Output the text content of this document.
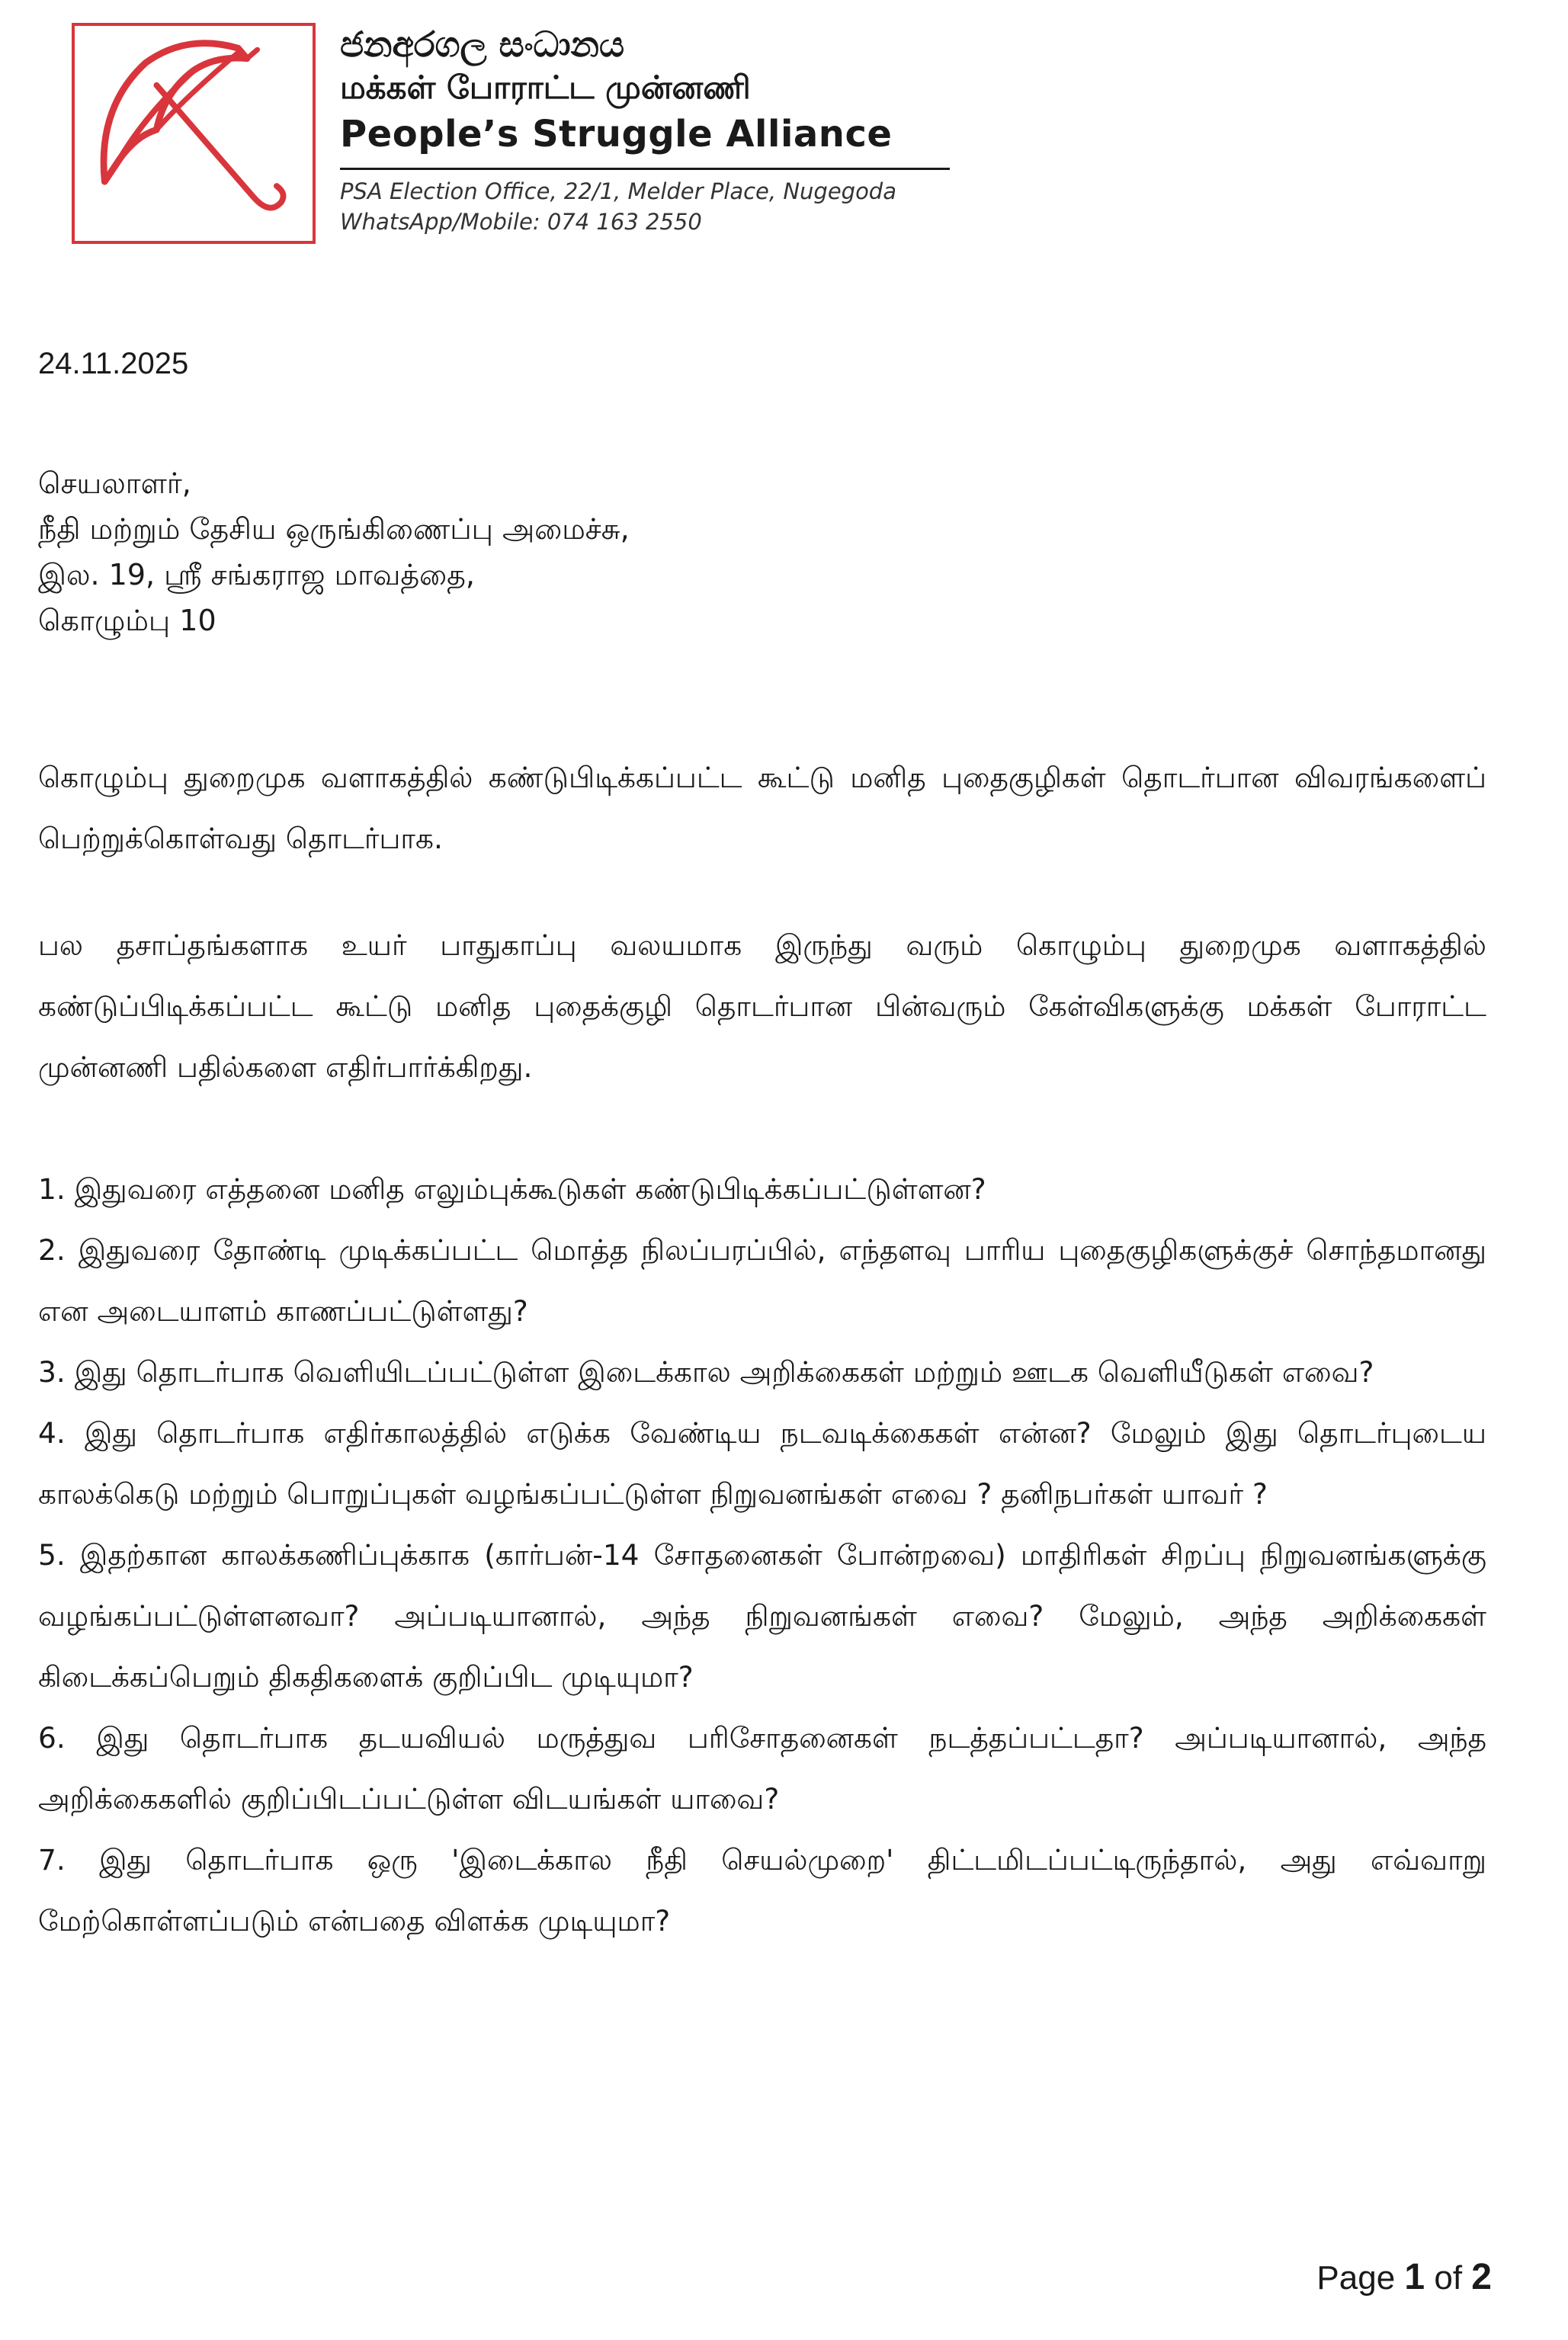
ජනඅරගල සංධානය
மக்கள் போராட்ட முன்னணி
People’s Struggle Alliance
PSA Election Office, 22/1, Melder Place, Nugegoda
WhatsApp/Mobile: 074 163 2550
24.11.2025
செயலாளர்,
நீதி மற்றும் தேசிய ஒருங்கிணைப்பு அமைச்சு,
இல. 19, ஸ்ரீ சங்கராஜ மாவத்தை,
கொழும்பு 10

கொழும்பு துறைமுக வளாகத்தில் கண்டுபிடிக்கப்பட்ட கூட்டு மனித புதைகுழிகள் தொடர்பான விவரங்களைப் பெற்றுக்கொள்வது தொடர்பாக.

பல தசாப்தங்களாக உயர் பாதுகாப்பு வலயமாக இருந்து வரும் கொழும்பு துறைமுக வளாகத்தில் கண்டுப்பிடிக்கப்பட்ட கூட்டு மனித புதைக்குழி தொடர்பான பின்வரும் கேள்விகளுக்கு மக்கள் போராட்ட முன்னணி பதில்களை எதிர்பார்க்கிறது.

1. இதுவரை எத்தனை மனித எலும்புக்கூடுகள் கண்டுபிடிக்கப்பட்டுள்ளன?
2. இதுவரை தோண்டி முடிக்கப்பட்ட மொத்த நிலப்பரப்பில், எந்தளவு பாரிய புதைகுழிகளுக்குச் சொந்தமானது என அடையாளம் காணப்பட்டுள்ளது?
3. இது தொடர்பாக வெளியிடப்பட்டுள்ள இடைக்கால அறிக்கைகள் மற்றும் ஊடக வெளியீடுகள் எவை?
4. இது தொடர்பாக எதிர்காலத்தில் எடுக்க வேண்டிய நடவடிக்கைகள் என்ன? மேலும் இது தொடர்புடைய காலக்கெடு மற்றும் பொறுப்புகள் வழங்கப்பட்டுள்ள நிறுவனங்கள் எவை ? தனிநபர்கள் யாவர் ?
5. இதற்கான காலக்கணிப்புக்காக (கார்பன்-14 சோதனைகள் போன்றவை) மாதிரிகள் சிறப்பு நிறுவனங்களுக்கு வழங்கப்பட்டுள்ளனவா? அப்படியானால், அந்த நிறுவனங்கள் எவை? மேலும், அந்த அறிக்கைகள் கிடைக்கப்பெறும் திகதிகளைக் குறிப்பிட முடியுமா?
6. இது தொடர்பாக தடயவியல் மருத்துவ பரிசோதனைகள் நடத்தப்பட்டதா? அப்படியானால், அந்த அறிக்கைகளில் குறிப்பிடப்பட்டுள்ள விடயங்கள் யாவை?
7. இது தொடர்பாக ஒரு 'இடைக்கால நீதி செயல்முறை' திட்டமிடப்பட்டிருந்தால், அது எவ்வாறு மேற்கொள்ளப்படும் என்பதை விளக்க முடியுமா?
Page 1 of 2
